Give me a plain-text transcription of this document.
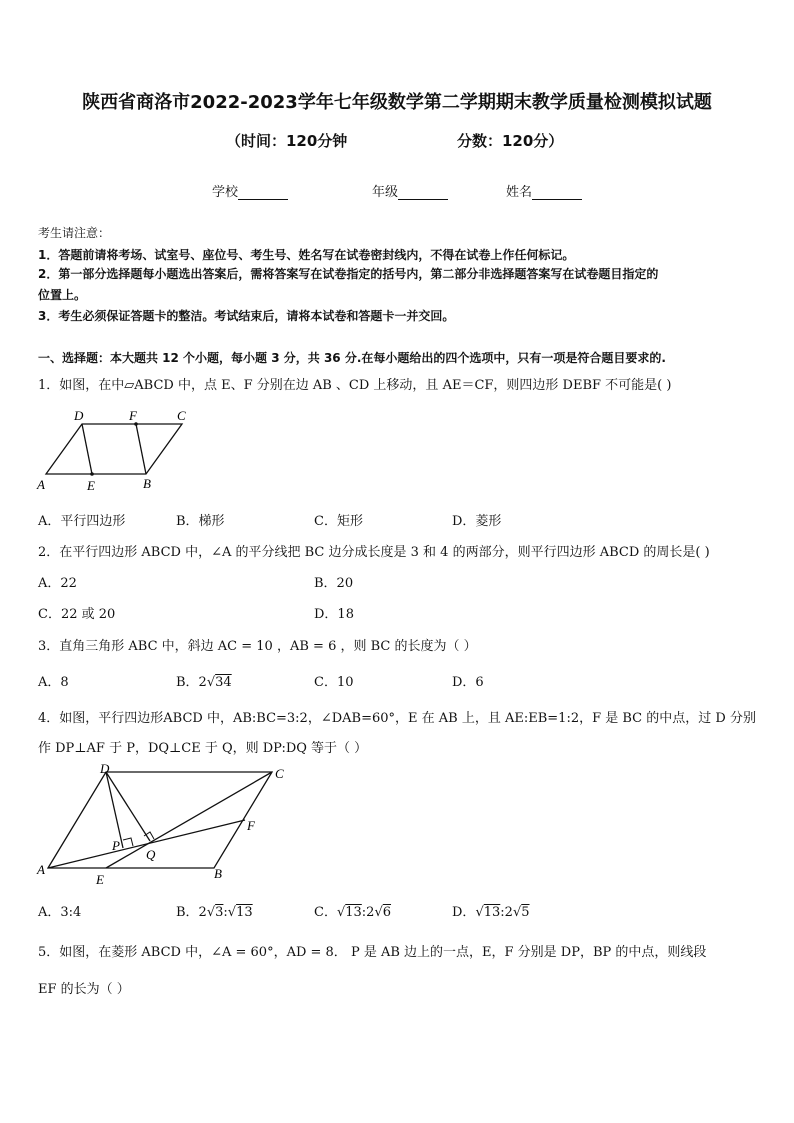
陕西省商洛市2022-2023学年七年级数学第二学期期末教学质量检测模拟试题
（时间：120分钟	分数：120分）
学校	年级	姓名
考生请注意：
1．答题前请将考场、试室号、座位号、考生号、姓名写在试卷密封线内，不得在试卷上作任何标记。
2．第一部分选择题每小题选出答案后，需将答案写在试卷指定的括号内，第二部分非选择题答案写在试卷题目指定的
位置上。
3．考生必须保证答题卡的整洁。考试结束后，请将本试卷和答题卡一并交回。
一、选择题：本大题共 12 个小题，每小题 3 分，共 36 分.在每小题给出的四个选项中，只有一项是符合题目要求的.
1．如图，在中▱ABCD 中，点 E、F 分别在边 AB 、CD 上移动，且 AE＝CF，则四边形 DEBF 不可能是( )
D	F	C
A	E	B
A．平行四边形	B．梯形	C．矩形	D．菱形
2．在平行四边形 ABCD 中，∠A 的平分线把 BC 边分成长度是 3 和 4 的两部分，则平行四边形 ABCD 的周长是( )
A．22	B．20
C．22 或 20	D．18
3．直角三角形 ABC 中，斜边 AC = 10 ，AB = 6 ，则 BC 的长度为（ ）
A．8	B．2√34	C．10	D．6
4．如图，平行四边形ABCD 中，AB:BC=3:2，∠DAB=60°，E 在 AB 上，且 AE:EB=1:2，F 是 BC 的中点，过 D 分别
作 DP⊥AF 于 P，DQ⊥CE 于 Q，则 DP:DQ 等于（ ）
D	C
F
P
Q
A
E	B
A．3:4	B．2√3:√13	C．√13:2√6	D．√13:2√5
5．如图，在菱形 ABCD 中，∠A = 60°，AD = 8． P 是 AB 边上的一点，E，F 分别是 DP，BP 的中点，则线段
EF 的长为（ ）
